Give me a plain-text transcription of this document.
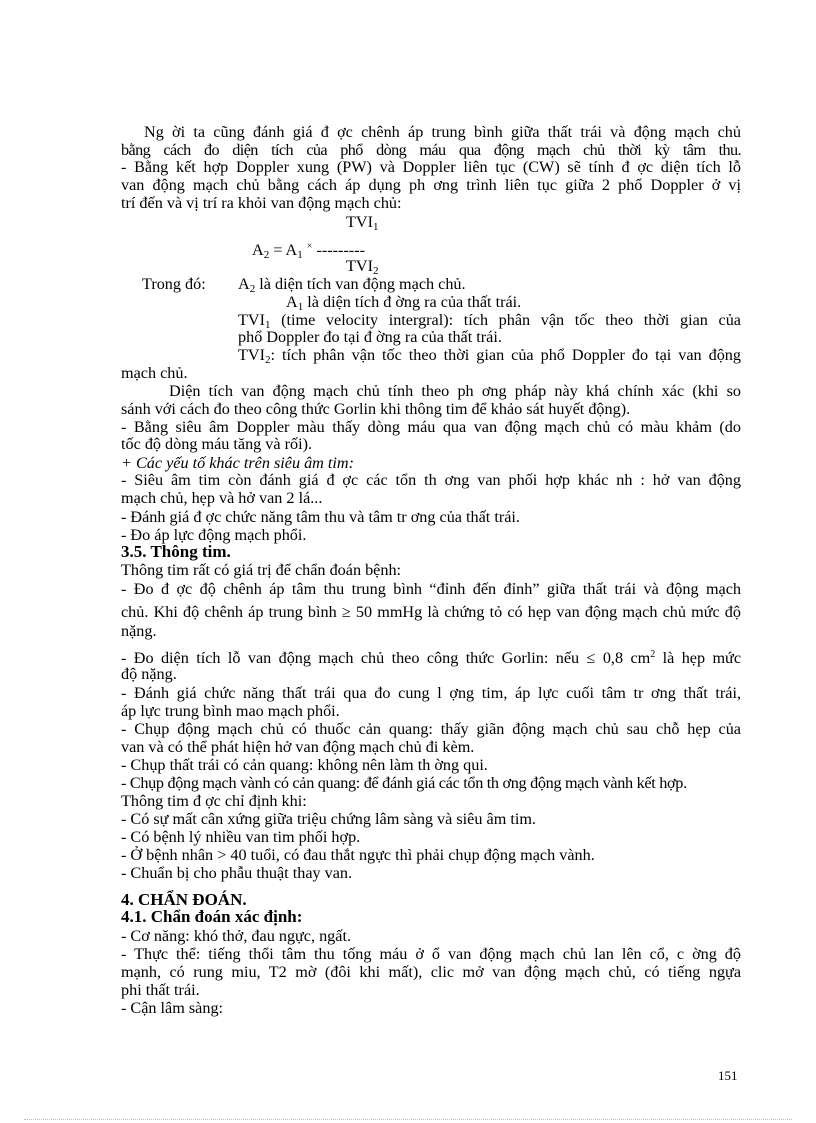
Ng ời ta cũng đánh giá đ ợc chênh áp trung bình giữa thất trái và động mạch chủ
bằng cách đo diện tích của phổ dòng máu qua động mạch chủ thời kỳ tâm thu.
- Bằng kết hợp Doppler xung (PW) và Doppler liên tục (CW) sẽ tính đ ợc diện tích lỗ
van động mạch chủ bằng cách áp dụng ph ơng trình liên tục giữa 2 phổ Doppler ở vị
trí đến và vị trí ra khỏi van động mạch chủ:
$TVI_1$
$A_2 = A_1$ × ---------
$TVI_2$
Trong đó: $A_2$ là diện tích van động mạch chủ.
$A_1$ là diện tích đ ờng ra của thất trái.
$TVI_1$ (time velocity intergral): tích phân vận tốc theo thời gian của
phổ Doppler đo tại đ ờng ra của thất trái.
$TVI_2$: tích phân vận tốc theo thời gian của phổ Doppler đo tại van động
mạch chủ.
Diện tích van động mạch chủ tính theo ph ơng pháp này khá chính xác (khi so
sánh với cách đo theo công thức Gorlin khi thông tim để khảo sát huyết động).
- Bằng siêu âm Doppler màu thấy dòng máu qua van động mạch chủ có màu khảm (do
tốc độ dòng máu tăng và rối).
+ Các yếu tố khác trên siêu âm tim:
- Siêu âm tim còn đánh giá đ ợc các tổn th ơng van phối hợp khác nh : hở van động
mạch chủ, hẹp và hở van 2 lá...
- Đánh giá đ ợc chức năng tâm thu và tâm tr ơng của thất trái.
- Đo áp lực động mạch phổi.
3.5. Thông tim.
Thông tim rất có giá trị để chẩn đoán bệnh:
- Đo đ ợc độ chênh áp tâm thu trung bình “đỉnh đến đỉnh” giữa thất trái và động mạch
chủ. Khi độ chênh áp trung bình ≥ 50 mmHg là chứng tỏ có hẹp van động mạch chủ mức độ
nặng.
- Đo diện tích lỗ van động mạch chủ theo công thức Gorlin: nếu ≤ 0,8 $cm^2$ là hẹp mức
độ nặng.
- Đánh giá chức năng thất trái qua đo cung l ợng tim, áp lực cuối tâm tr ơng thất trái,
áp lực trung bình mao mạch phổi.
- Chụp động mạch chủ có thuốc cản quang: thấy giãn động mạch chủ sau chỗ hẹp của
van và có thể phát hiện hở van động mạch chủ đi kèm.
- Chụp thất trái có cản quang: không nên làm th ờng qui.
- Chụp động mạch vành có cản quang: để đánh giá các tổn th ơng động mạch vành kết hợp.
Thông tim đ ợc chỉ định khi:
- Có sự mất cân xứng giữa triệu chứng lâm sàng và siêu âm tim.
- Có bệnh lý nhiều van tim phối hợp.
- Ở bệnh nhân > 40 tuổi, có đau thắt ngực thì phải chụp động mạch vành.
- Chuẩn bị cho phẫu thuật thay van.
4. CHẨN ĐOÁN.
4.1. Chẩn đoán xác định:
- Cơ năng: khó thở, đau ngực, ngất.
- Thực thể: tiếng thổi tâm thu tống máu ở ổ van động mạch chủ lan lên cổ, c ờng độ
mạnh, có rung miu, T2 mờ (đôi khi mất), clic mở van động mạch chủ, có tiếng ngựa
phi thất trái.
- Cận lâm sàng:
151
